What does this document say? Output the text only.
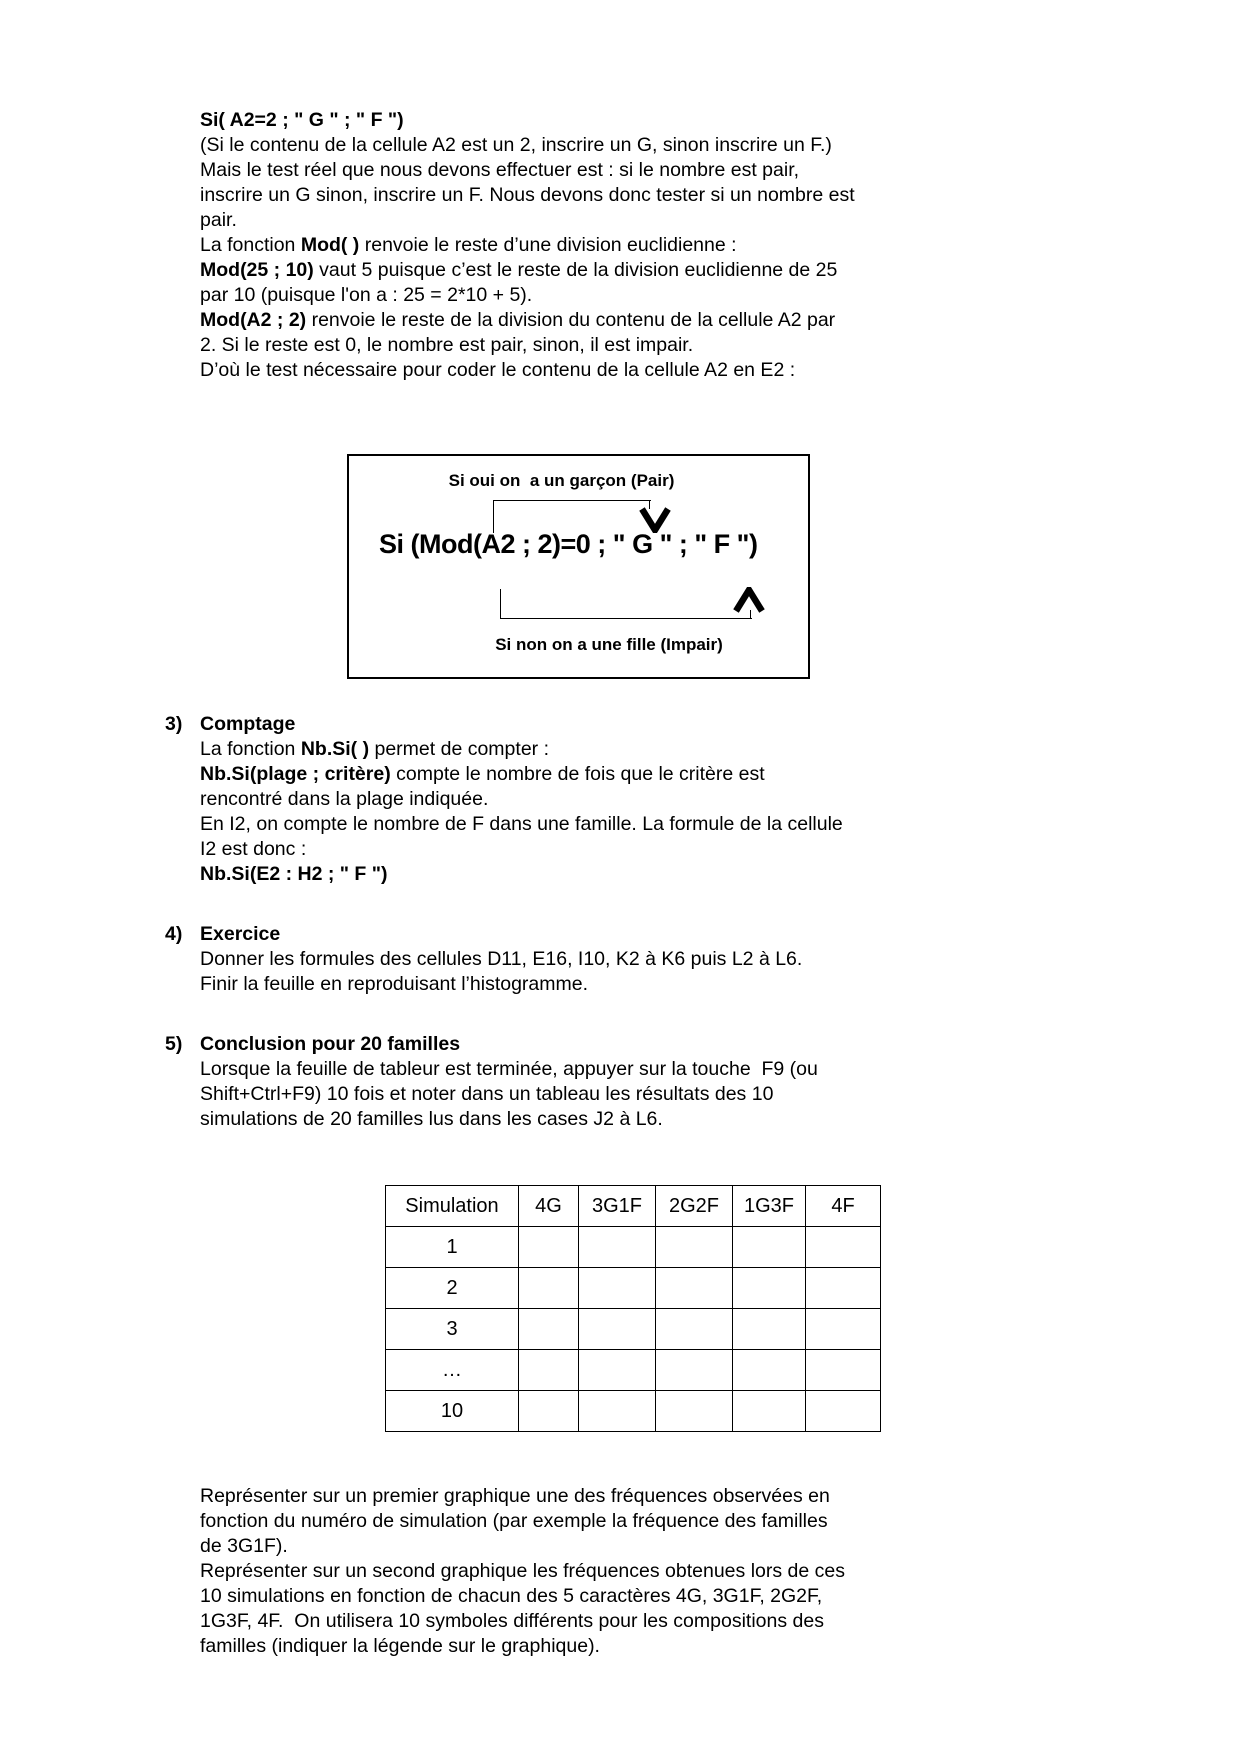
Si( A2=2 ; " G " ; " F ")
(Si le contenu de la cellule A2 est un 2, inscrire un G, sinon inscrire un F.)
Mais le test réel que nous devons effectuer est : si le nombre est pair,
inscrire un G sinon, inscrire un F. Nous devons donc tester si un nombre est
pair.
La fonction Mod( ) renvoie le reste d’une division euclidienne :
Mod(25 ; 10) vaut 5 puisque c’est le reste de la division euclidienne de 25
par 10 (puisque l'on a : 25 = 2*10 + 5).
Mod(A2 ; 2) renvoie le reste de la division du contenu de la cellule A2 par
2. Si le reste est 0, le nombre est pair, sinon, il est impair.
D’où le test nécessaire pour coder le contenu de la cellule A2 en E2 :
Si oui on  a un garçon (Pair)
Si (Mod(A2 ; 2)=0 ; " G " ; " F ")
Si non on a une fille (Impair)
3) Comptage
La fonction Nb.Si( ) permet de compter :
Nb.Si(plage ; critère) compte le nombre de fois que le critère est
rencontré dans la plage indiquée.
En I2, on compte le nombre de F dans une famille. La formule de la cellule
I2 est donc :
Nb.Si(E2 : H2 ; " F ")
4) Exercice
Donner les formules des cellules D11, E16, I10, K2 à K6 puis L2 à L6.
Finir la feuille en reproduisant l’histogramme.
5) Conclusion pour 20 familles
Lorsque la feuille de tableur est terminée, appuyer sur la touche  F9 (ou
Shift+Ctrl+F9) 10 fois et noter dans un tableau les résultats des 10
simulations de 20 familles lus dans les cases J2 à L6.
Simulation	4G	3G1F	2G2F	1G3F	4F
1					
2					
3					
…					
10					
Représenter sur un premier graphique une des fréquences observées en
fonction du numéro de simulation (par exemple la fréquence des familles
de 3G1F).
Représenter sur un second graphique les fréquences obtenues lors de ces
10 simulations en fonction de chacun des 5 caractères 4G, 3G1F, 2G2F,
1G3F, 4F.  On utilisera 10 symboles différents pour les compositions des
familles (indiquer la légende sur le graphique).
